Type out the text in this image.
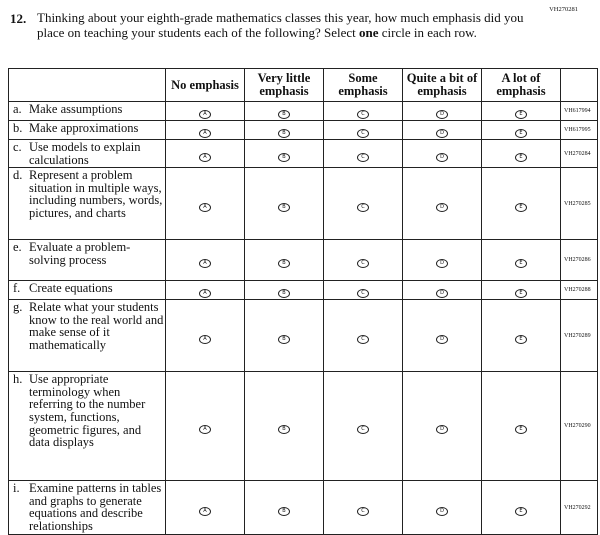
VH270281
12. Thinking about your eighth-grade mathematics classes this year, how much emphasis did you place on teaching your students each of the following? Select one circle in each row.
	No emphasis	Very little emphasis	Some emphasis	Quite a bit of emphasis	A lot of emphasis	

a. Make assumptions	A	B	C	D	E	VH617994

b. Make approximations	A	B	C	D	E	VH617995

c. Use models to explain calculations	A	B	C	D	E	VH270284

d. Represent a problem situation in multiple ways, including numbers, words, pictures, and charts	A	B	C	D	E	VH270285

e. Evaluate a problem-solving process	A	B	C	D	E	VH270286

f. Create equations	A	B	C	D	E	VH270288

g. Relate what your students know to the real world and make sense of it mathematically	A	B	C	D	E	VH270289

h. Use appropriate terminology when referring to the number system, functions, geometric figures, and data displays	A	B	C	D	E	VH270290

i. Examine patterns in tables and graphs to generate equations and describe relationships	A	B	C	D	E	VH270292
